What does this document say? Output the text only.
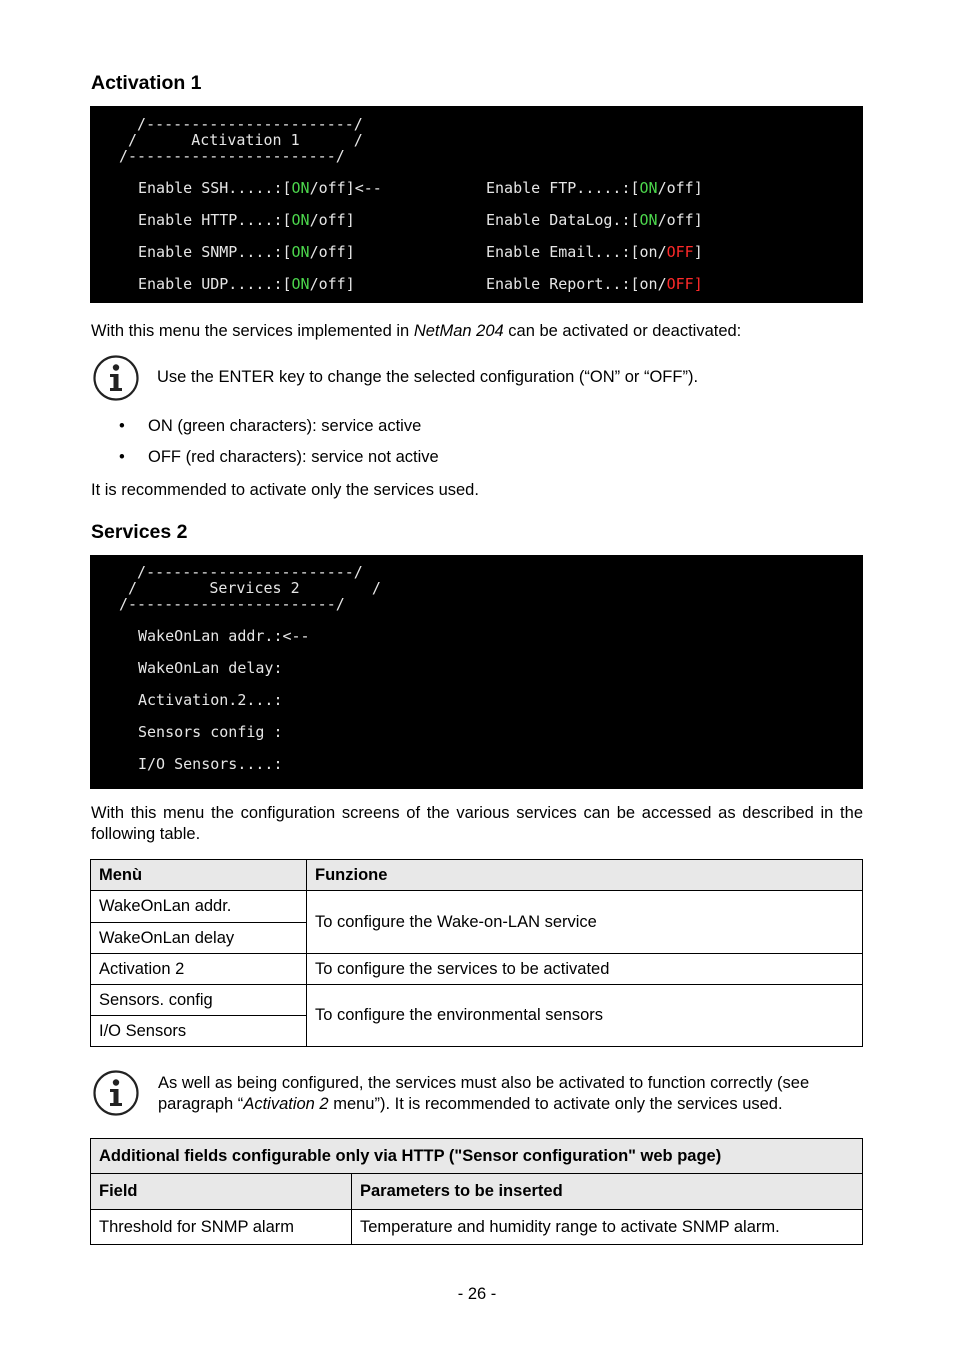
Activation 1
/-----------------------/
/      Activation 1      /
/-----------------------/
Enable SSH.....:[ON/off]<--
Enable HTTP....:[ON/off]
Enable SNMP....:[ON/off]
Enable UDP.....:[ON/off]
Enable FTP.....:[ON/off]
Enable DataLog.:[ON/off]
Enable Email...:[on/OFF]
Enable Report..:[on/OFF]
With this menu the services implemented in NetMan 204 can be activated or deactivated:
Use the ENTER key to change the selected configuration (“ON” or “OFF”).
• ON (green characters): service active
• OFF (red characters): service not active
It is recommended to activate only the services used.
Services 2
/-----------------------/
/        Services 2        /
/-----------------------/
WakeOnLan addr.:<--
WakeOnLan delay:
Activation.2...:
Sensors config :
I/O Sensors....:
With this menu the configuration screens of the various services can be accessed as described in the following table.
Menù	Funzione
WakeOnLan addr.	To configure the Wake-on-LAN service
WakeOnLan delay	
Activation 2	To configure the services to be activated
Sensors. config	To configure the environmental sensors
I/O Sensors	
As well as being configured, the services must also be activated to function correctly (see paragraph “Activation 2 menu”). It is recommended to activate only the services used.
Additional fields configurable only via HTTP ("Sensor configuration" web page)	
Field	Parameters to be inserted
Threshold for SNMP alarm	Temperature and humidity range to activate SNMP alarm.
- 26 -
